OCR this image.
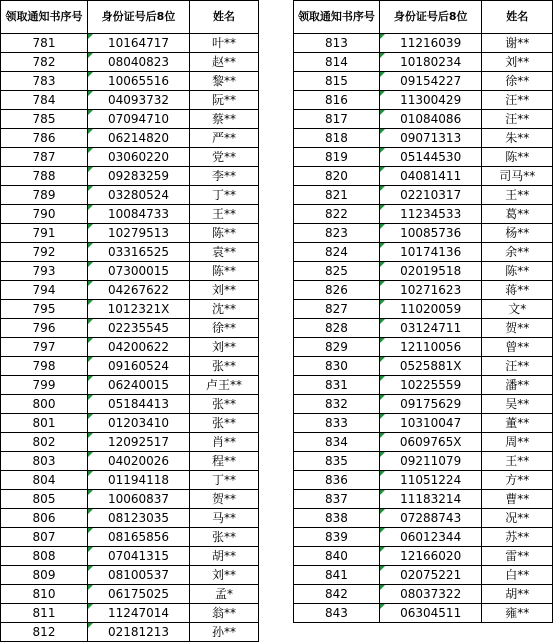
领取通知书序号	身份证号后8位	姓名
781	10164717	叶**
782	08040823	赵**
783	10065516	黎**
784	04093732	阮**
785	07094710	蔡**
786	06214820	严**
787	03060220	党**
788	09283259	李**
789	03280524	丁**
790	10084733	王**
791	10279513	陈**
792	03316525	袁**
793	07300015	陈**
794	04267622	刘**
795	1012321X	沈**
796	02235545	徐**
797	04200622	刘**
798	09160524	张**
799	06240015	卢王**
800	05184413	张**
801	01203410	张**
802	12092517	肖**
803	04020026	程**
804	01194118	丁**
805	10060837	贺**
806	08123035	马**
807	08165856	张**
808	07041315	胡**
809	08100537	刘**
810	06175025	孟*
811	11247014	翁**
812	02181213	孙**
领取通知书序号	身份证号后8位	姓名
813	11216039	谢**
814	10180234	刘**
815	09154227	徐**
816	11300429	汪**
817	01084086	汪**
818	09071313	朱**
819	05144530	陈**
820	04081411	司马**
821	02210317	王**
822	11234533	葛**
823	10085736	杨**
824	10174136	余**
825	02019518	陈**
826	10271623	蒋**
827	11020059	文*
828	03124711	贺**
829	12110056	曾**
830	0525881X	汪**
831	10225559	潘**
832	09175629	吴**
833	10310047	董**
834	0609765X	周**
835	09211079	王**
836	11051224	方**
837	11183214	曹**
838	07288743	况**
839	06012344	苏**
840	12166020	雷**
841	02075221	白**
842	08037322	胡**
843	06304511	雍**
